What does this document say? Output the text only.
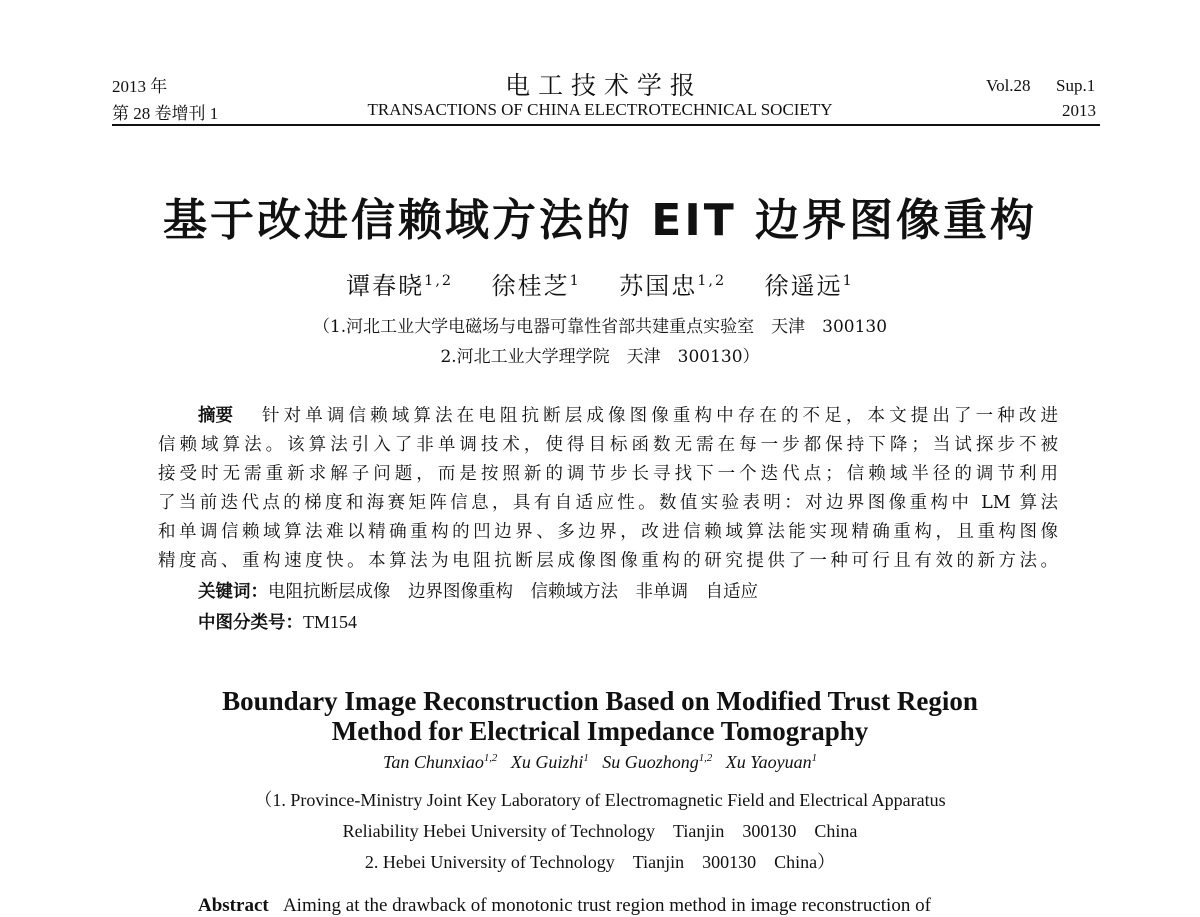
2013 年
第 28 卷增刊 1
电 工 技 术 学 报
TRANSACTIONS OF CHINA ELECTROTECHNICAL SOCIETY
Vol.28 Sup.1
2013
基于改进信赖域方法的 EIT 边界图像重构
谭春晓$^{1,2}$ 徐桂芝$^1$ 苏国忠$^{1,2}$ 徐遥远$^1$
（1.河北工业大学电磁场与电器可靠性省部共建重点实验室　天津　300130
2.河北工业大学理学院　天津　300130）
摘要 针对单调信赖域算法在电阻抗断层成像图像重构中存在的不足，本文提出了一种改进
信赖域算法。该算法引入了非单调技术，使得目标函数无需在每一步都保持下降；当试探步不被
接受时无需重新求解子问题，而是按照新的调节步长寻找下一个迭代点；信赖域半径的调节利用
了当前迭代点的梯度和海赛矩阵信息，具有自适应性。数值实验表明：对边界图像重构中 LM 算法
和单调信赖域算法难以精确重构的凹边界、多边界，改进信赖域算法能实现精确重构，且重构图像
精度高、重构速度快。本算法为电阻抗断层成像图像重构的研究提供了一种可行且有效的新方法。
关键词：电阻抗断层成像　边界图像重构　信赖域方法　非单调　自适应
中图分类号：TM154
Boundary Image Reconstruction Based on Modified Trust Region
Method for Electrical Impedance Tomography
Tan Chunxiao$^{1,2}$ Xu Guizhi$^1$ Su Guozhong$^{1,2}$ Xu Yaoyuan$^1$
（1. Province-Ministry Joint Key Laboratory of Electromagnetic Field and Electrical Apparatus
Reliability Hebei University of Technology　Tianjin　300130　China
2. Hebei University of Technology　Tianjin　300130　China）
Abstract Aiming at the drawback of monotonic trust region method in image reconstruction of
